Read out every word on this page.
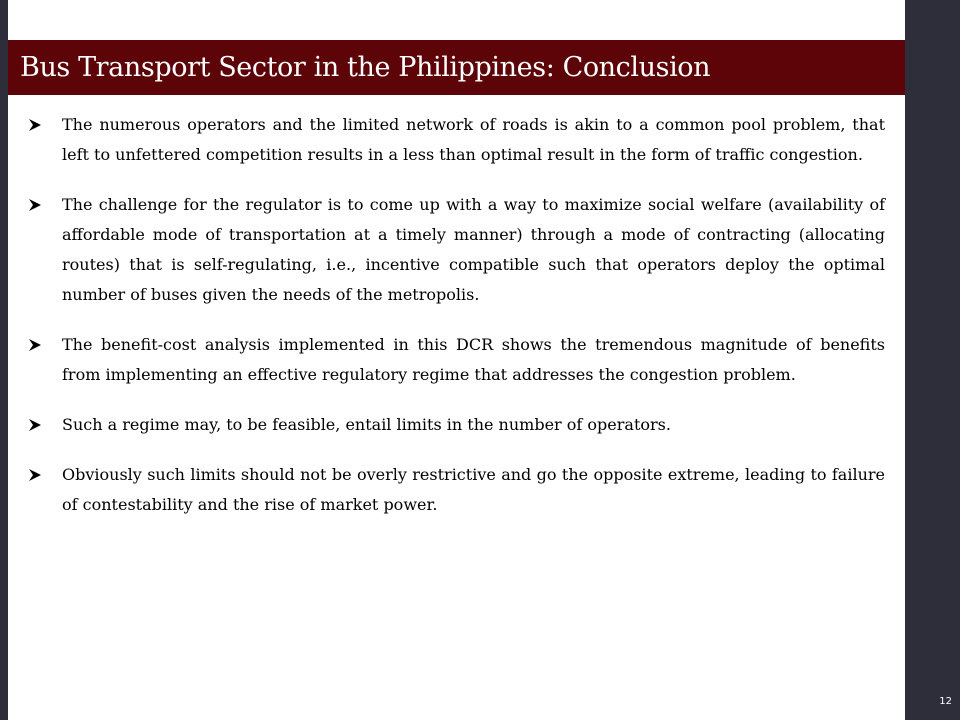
Bus Transport Sector in the Philippines: Conclusion
The numerous operators and the limited network of roads is akin to a common pool problem, that left to unfettered competition results in a less than optimal result in the form of traffic congestion.
The challenge for the regulator is to come up with a way to maximize social welfare (availability of affordable mode of transportation at a timely manner) through a mode of contracting (allocating routes) that is self-regulating, i.e., incentive compatible such that operators deploy the optimal number of buses given the needs of the metropolis.
The benefit-cost analysis implemented in this DCR shows the tremendous magnitude of benefits from implementing an effective regulatory regime that addresses the congestion problem.
Such a regime may, to be feasible, entail limits in the number of operators.
Obviously such limits should not be overly restrictive and go the opposite extreme, leading to failure of contestability and the rise of market power.
12
